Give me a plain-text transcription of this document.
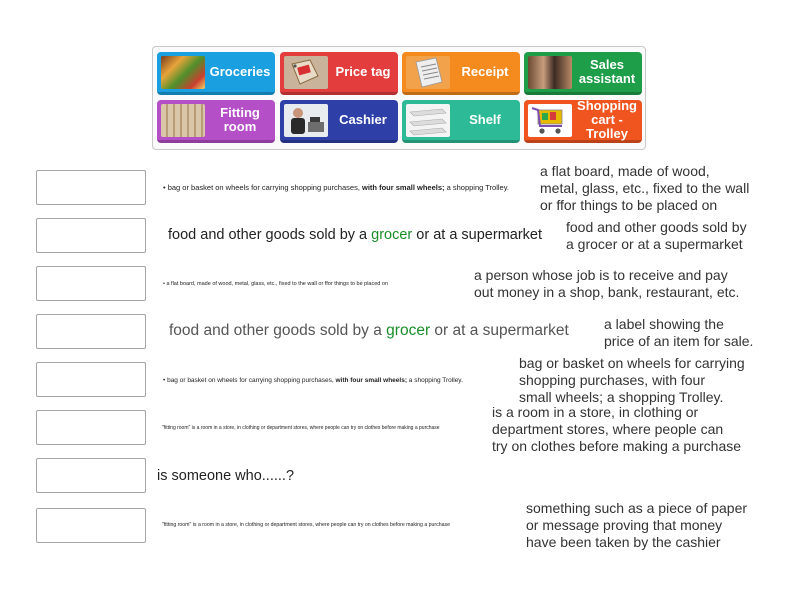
Groceries	Price tag	Receipt	Sales
assistant
Fitting
room	Cashier	Shelf
Shopping
cart - Trolley
• bag or basket on wheels for carrying shopping purchases, with four small wheels; a shopping Trolley.
food and other goods sold by a grocer or at a supermarket
• a flat board, made of wood, metal, glass, etc., fixed to the wall or ffor things to be placed on
food and other goods sold by a grocer or at a supermarket
• bag or basket on wheels for carrying shopping purchases, with four small wheels; a shopping Trolley.
"fitting room" is a room in a store, in clothing or department stores, where people can try on clothes before making a purchase
is someone who......?
"fitting room" is a room in a store, in clothing or department stores, where people can try on clothes before making a purchase
a flat board, made of wood,
metal, glass, etc., fixed to the wall
or ffor things to be placed on
food and other goods sold by
a grocer or at a supermarket
a person whose job is to receive and pay
out money in a shop, bank, restaurant, etc.
a label showing the
price of an item for sale.
bag or basket on wheels for carrying
shopping purchases, with four
small wheels; a shopping Trolley.
is a room in a store, in clothing or
department stores, where people can
try on clothes before making a purchase
something such as a piece of paper
or message proving that money
have been taken by the cashier
